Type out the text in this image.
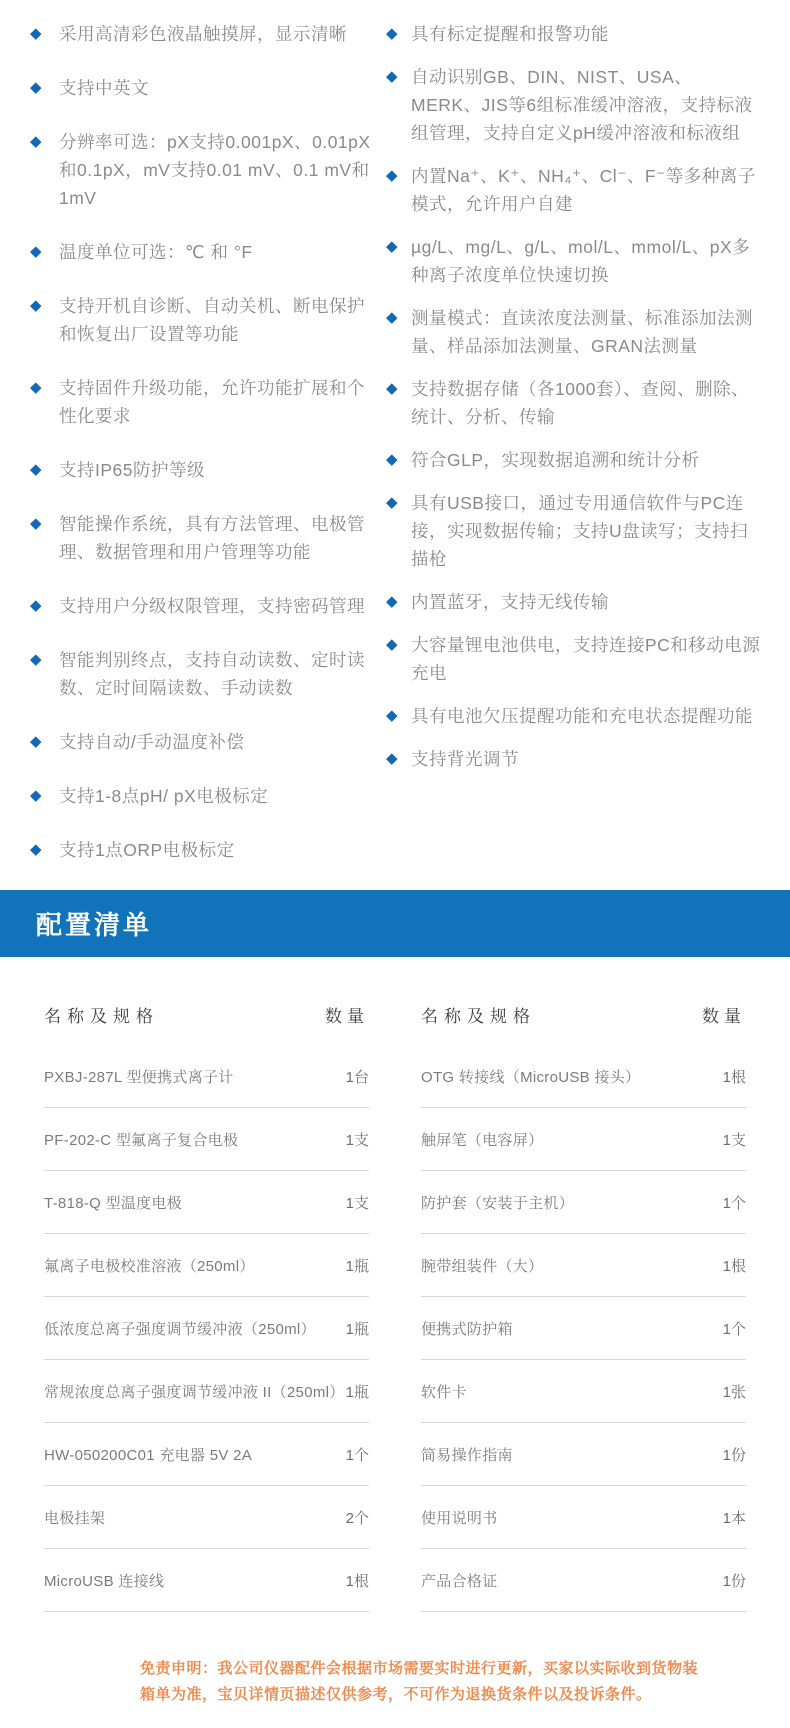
◆ 采用高清彩色液晶触摸屏，显示清晰
◆ 支持中英文
◆ 分辨率可选：pX支持0.001pX、0.01pX和0.1pX，mV支持0.01 mV、0.1 mV和1mV
◆ 温度单位可选：℃ 和 °F
◆ 支持开机自诊断、自动关机、断电保护和恢复出厂设置等功能
◆ 支持固件升级功能，允许功能扩展和个性化要求
◆ 支持IP65防护等级
◆ 智能操作系统，具有方法管理、电极管理、数据管理和用户管理等功能
◆ 支持用户分级权限管理，支持密码管理
◆ 智能判别终点，支持自动读数、定时读数、定时间隔读数、手动读数
◆ 支持自动/手动温度补偿
◆ 支持1-8点pH/ pX电极标定
◆ 支持1点ORP电极标定
◆ 具有标定提醒和报警功能
◆ 自动识别GB、DIN、NIST、USA、MERK、JIS等6组标准缓冲溶液，支持标液组管理，支持自定义pH缓冲溶液和标液组
◆ 内置Na⁺、K⁺、NH₄⁺、Cl⁻、F⁻等多种离子模式，允许用户自建
◆ µg/L、mg/L、g/L、mol/L、mmol/L、pX多种离子浓度单位快速切换
◆ 测量模式：直读浓度法测量、标准添加法测量、样品添加法测量、GRAN法测量
◆ 支持数据存储（各1000套）、查阅、删除、统计、分析、传输
◆ 符合GLP，实现数据追溯和统计分析
◆ 具有USB接口，通过专用通信软件与PC连接，实现数据传输；支持U盘读写；支持扫描枪
◆ 内置蓝牙，支持无线传输
◆ 大容量锂电池供电，支持连接PC和移动电源充电
◆ 具有电池欠压提醒功能和充电状态提醒功能
◆ 支持背光调节
配置清单
名称及规格	数量
PXBJ-287L 型便携式离子计	1台
PF-202-C 型氟离子复合电极	1支
T-818-Q 型温度电极	1支
氟离子电极校准溶液（250ml）	1瓶
低浓度总离子强度调节缓冲液（250ml） 1瓶
常规浓度总离子强度调节缓冲液 II（250ml） 1瓶
HW-050200C01 充电器 5V 2A	1个
电极挂架	2个
MicroUSB 连接线	1根
名称及规格	数量
OTG 转接线（MicroUSB 接头）	1根
触屏笔（电容屏）	1支
防护套（安装于主机）	1个
腕带组装件（大）	1根
便携式防护箱	1个
软件卡	1张
简易操作指南	1份
使用说明书	1本
产品合格证	1份

免责申明：我公司仪器配件会根据市场需要实时进行更新，买家以实际收到货物装箱单为准，宝贝详情页描述仅供参考，不可作为退换货条件以及投诉条件。
